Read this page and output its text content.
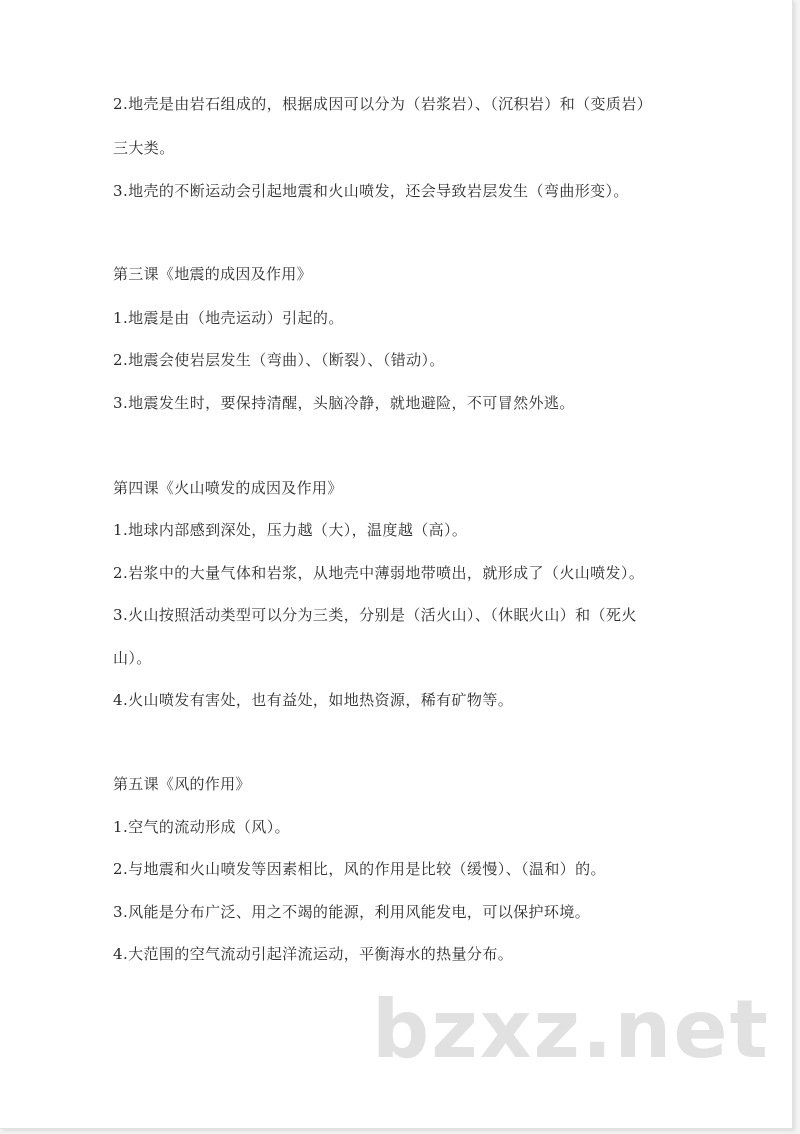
2.地壳是由岩石组成的，根据成因可以分为（岩浆岩）、（沉积岩）和（变质岩）
三大类。
3.地壳的不断运动会引起地震和火山喷发，还会导致岩层发生（弯曲形变）。
第三课《地震的成因及作用》
1.地震是由（地壳运动）引起的。
2.地震会使岩层发生（弯曲）、（断裂）、（错动）。
3.地震发生时，要保持清醒，头脑冷静，就地避险，不可冒然外逃。
第四课《火山喷发的成因及作用》
1.地球内部感到深处，压力越（大），温度越（高）。
2.岩浆中的大量气体和岩浆，从地壳中薄弱地带喷出，就形成了（火山喷发）。
3.火山按照活动类型可以分为三类，分别是（活火山）、（休眠火山）和（死火
山）。
4.火山喷发有害处，也有益处，如地热资源，稀有矿物等。
第五课《风的作用》
1.空气的流动形成（风）。
2.与地震和火山喷发等因素相比，风的作用是比较（缓慢）、（温和）的。
3.风能是分布广泛、用之不竭的能源，利用风能发电，可以保护环境。
4.大范围的空气流动引起洋流运动，平衡海水的热量分布。
bzxz.net
